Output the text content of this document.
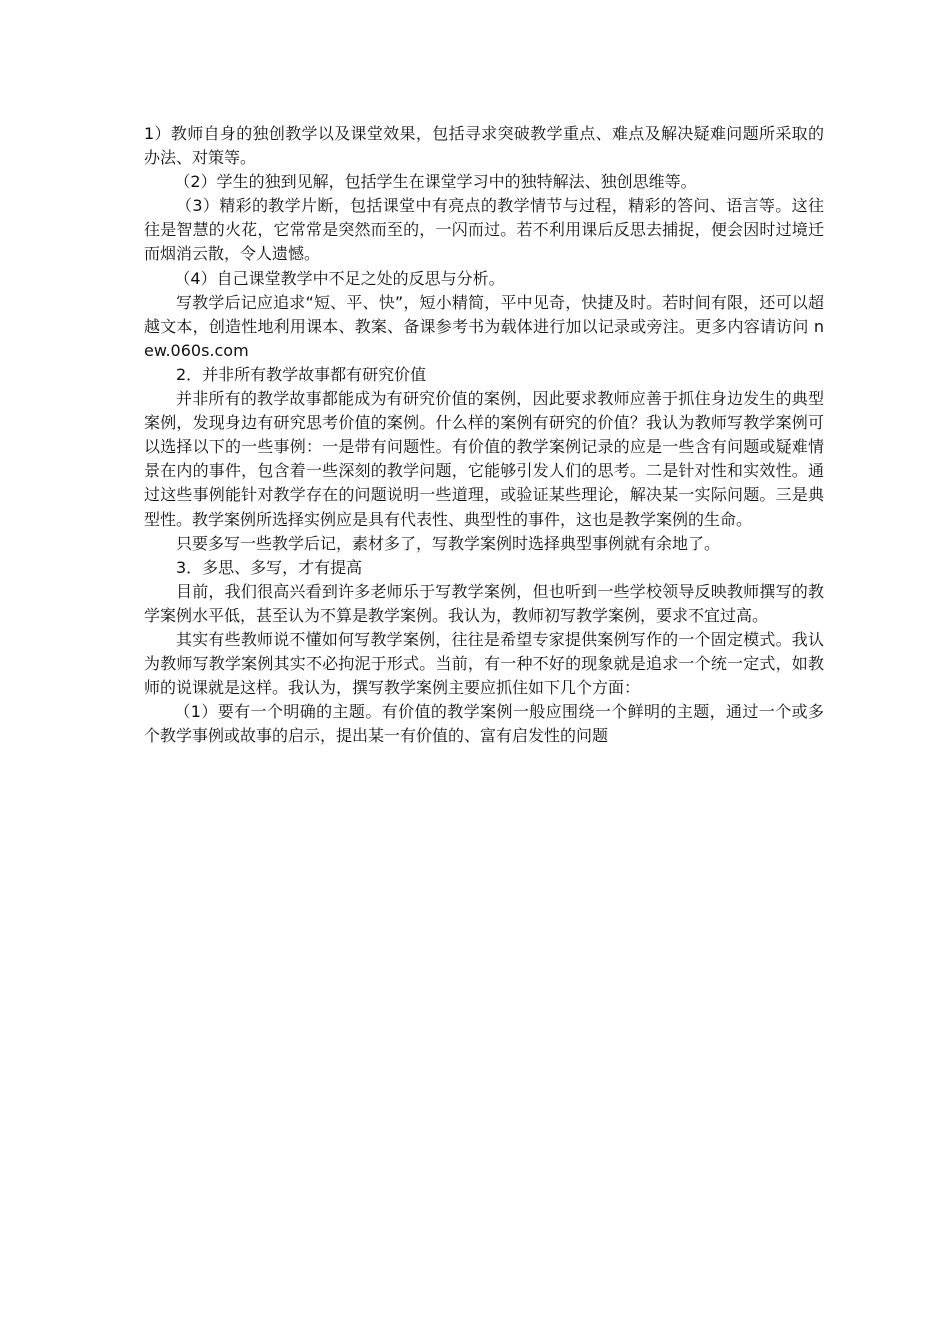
1）教师自身的独创教学以及课堂效果，包括寻求突破教学重点、难点及解决疑难问题所采取的办法、对策等。

（2）学生的独到见解，包括学生在课堂学习中的独特解法、独创思维等。

（3）精彩的教学片断，包括课堂中有亮点的教学情节与过程，精彩的答问、语言等。这往往是智慧的火花，它常常是突然而至的，一闪而过。若不利用课后反思去捕捉，便会因时过境迁而烟消云散，令人遗憾。

（4）自己课堂教学中不足之处的反思与分析。

写教学后记应追求“短、平、快”，短小精简，平中见奇，快捷及时。若时间有限，还可以超越文本，创造性地利用课本、教案、备课参考书为载体进行加以记录或旁注。更多内容请访问 new.060s.com

2．并非所有教学故事都有研究价值

并非所有的教学故事都能成为有研究价值的案例，因此要求教师应善于抓住身边发生的典型案例，发现身边有研究思考价值的案例。什么样的案例有研究的价值？我认为教师写教学案例可以选择以下的一些事例：一是带有问题性。有价值的教学案例记录的应是一些含有问题或疑难情景在内的事件，包含着一些深刻的教学问题，它能够引发人们的思考。二是针对性和实效性。通过这些事例能针对教学存在的问题说明一些道理，或验证某些理论，解决某一实际问题。三是典型性。教学案例所选择实例应是具有代表性、典型性的事件，这也是教学案例的生命。

只要多写一些教学后记，素材多了，写教学案例时选择典型事例就有余地了。

3．多思、多写，才有提高

目前，我们很高兴看到许多老师乐于写教学案例，但也听到一些学校领导反映教师撰写的教学案例水平低，甚至认为不算是教学案例。我认为，教师初写教学案例，要求不宜过高。

其实有些教师说不懂如何写教学案例，往往是希望专家提供案例写作的一个固定模式。我认为教师写教学案例其实不必拘泥于形式。当前，有一种不好的现象就是追求一个统一定式，如教师的说课就是这样。我认为，撰写教学案例主要应抓住如下几个方面：

（1）要有一个明确的主题。有价值的教学案例一般应围绕一个鲜明的主题，通过一个或多个教学事例或故事的启示，提出某一有价值的、富有启发性的问题
